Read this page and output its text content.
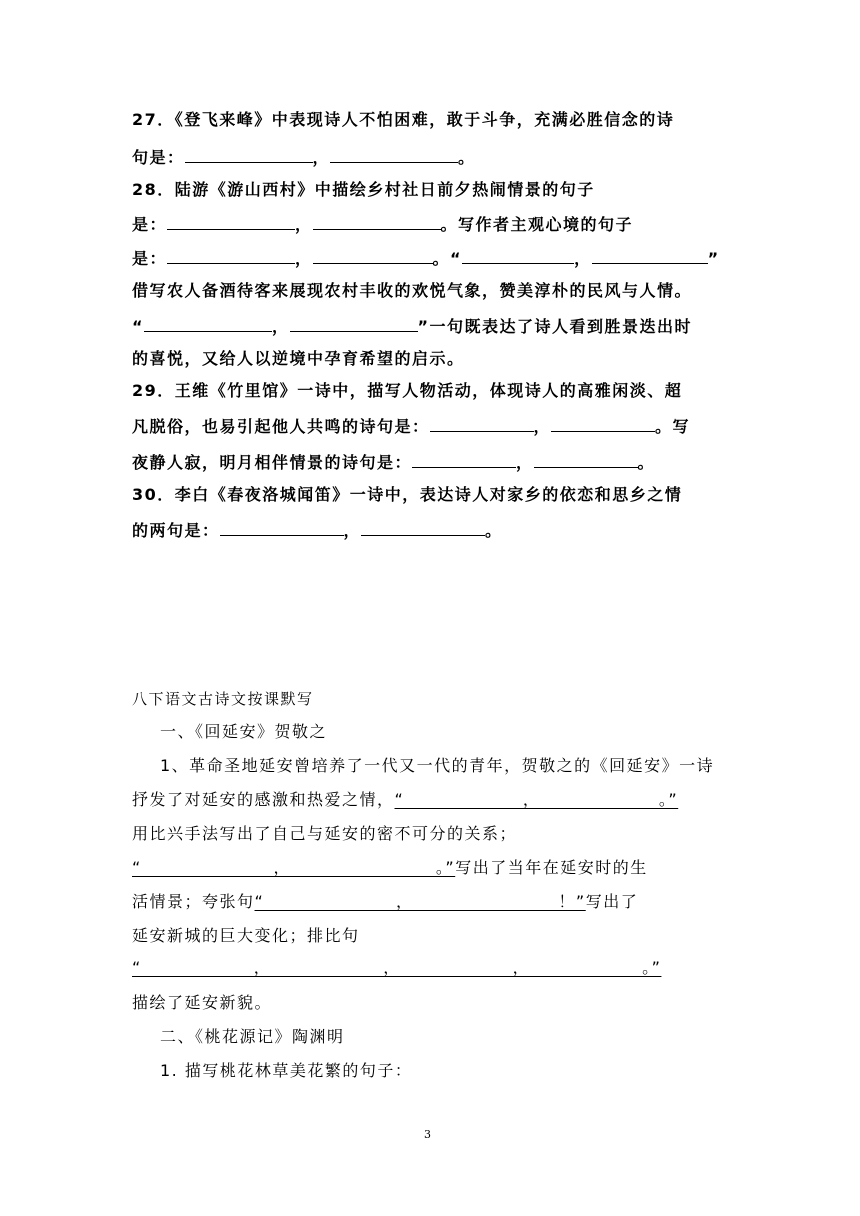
27．《登飞来峰》中表现诗人不怕困难，敢于斗争，充满必胜信念的诗
句是：	，	。
28．陆游《游山西村》中描绘乡村社日前夕热闹情景的句子
是：	，	。写作者主观心境的句子
是：	，	。“	，	”
借写农人备酒待客来展现农村丰收的欢悦气象，赞美淳朴的民风与人情。
“	，	”一句既表达了诗人看到胜景迭出时
的喜悦，又给人以逆境中孕育希望的启示。
29．王维《竹里馆》一诗中，描写人物活动，体现诗人的高雅闲淡、超
凡脱俗，也易引起他人共鸣的诗句是：	，	。写
夜静人寂，明月相伴情景的诗句是：	，	。
30．李白《春夜洛城闻笛》一诗中，表达诗人对家乡的依恋和思乡之情
的两句是：	，	。
八下语文古诗文按课默写
一、《回延安》贺敬之
1、革命圣地延安曾培养了一代又一代的青年，贺敬之的《回延安》一诗
抒发了对延安的感激和热爱之情，“                  ，                  。”
用比兴手法写出了自己与延安的密不可分的关系；
“                    ，                      。”写出了当年在延安时的生
活情景；夸张句“                    ，                      ！”写出了
延安新城的巨大变化；排比句
“                 ，                 ，                 ，                 。”
描绘了延安新貌。
二、《桃花源记》陶渊明
1. 描写桃花林草美花繁的句子：
3
